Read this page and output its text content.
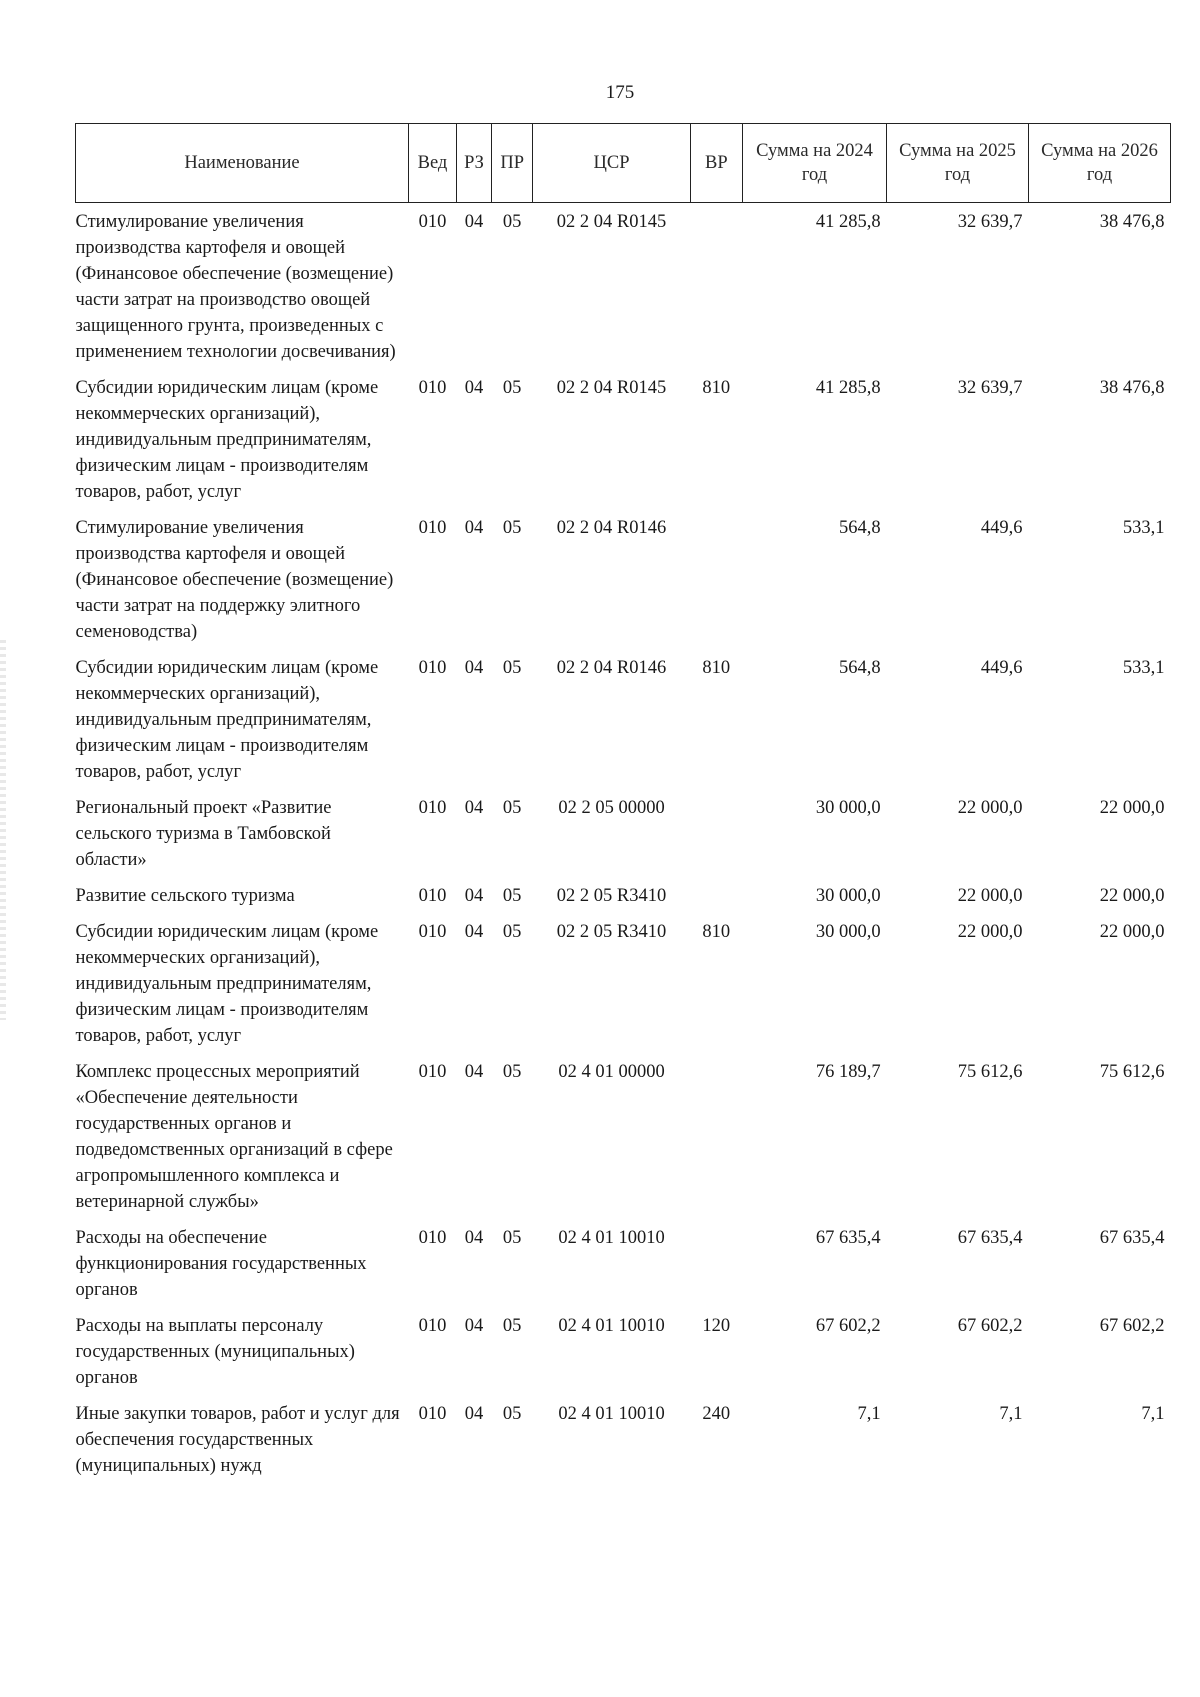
175
Наименование	Вед	РЗ	ПР	ЦСР	ВР	Сумма на 2024 год	Сумма на 2025 год	Сумма на 2026 год
Стимулирование увеличения производства картофеля и овощей (Финансовое обеспечение (возмещение) части затрат на производство овощей защищенного грунта, произведенных с применением технологии досвечивания)	010	04	05	02 2 04 R0145		41 285,8	32 639,7	38 476,8
Субсидии юридическим лицам (кроме некоммерческих организаций), индивидуальным предпринимателям, физическим лицам - производителям товаров, работ, услуг	010	04	05	02 2 04 R0145	810	41 285,8	32 639,7	38 476,8
Стимулирование увеличения производства картофеля и овощей (Финансовое обеспечение (возмещение) части затрат на поддержку элитного семеноводства)	010	04	05	02 2 04 R0146		564,8	449,6	533,1
Субсидии юридическим лицам (кроме некоммерческих организаций), индивидуальным предпринимателям, физическим лицам - производителям товаров, работ, услуг	010	04	05	02 2 04 R0146	810	564,8	449,6	533,1
Региональный проект «Развитие сельского туризма в Тамбовской области»	010	04	05	02 2 05 00000		30 000,0	22 000,0	22 000,0
Развитие сельского туризма	010	04	05	02 2 05 R3410		30 000,0	22 000,0	22 000,0
Субсидии юридическим лицам (кроме некоммерческих организаций), индивидуальным предпринимателям, физическим лицам - производителям товаров, работ, услуг	010	04	05	02 2 05 R3410	810	30 000,0	22 000,0	22 000,0
Комплекс процессных мероприятий «Обеспечение деятельности государственных органов и подведомственных организаций в сфере агропромышленного комплекса и ветеринарной службы»	010	04	05	02 4 01 00000		76 189,7	75 612,6	75 612,6
Расходы на обеспечение функционирования государственных органов	010	04	05	02 4 01 10010		67 635,4	67 635,4	67 635,4
Расходы на выплаты персоналу государственных (муниципальных) органов	010	04	05	02 4 01 10010	120	67 602,2	67 602,2	67 602,2
Иные закупки товаров, работ и услуг для обеспечения государственных (муниципальных) нужд	010	04	05	02 4 01 10010	240	7,1	7,1	7,1
